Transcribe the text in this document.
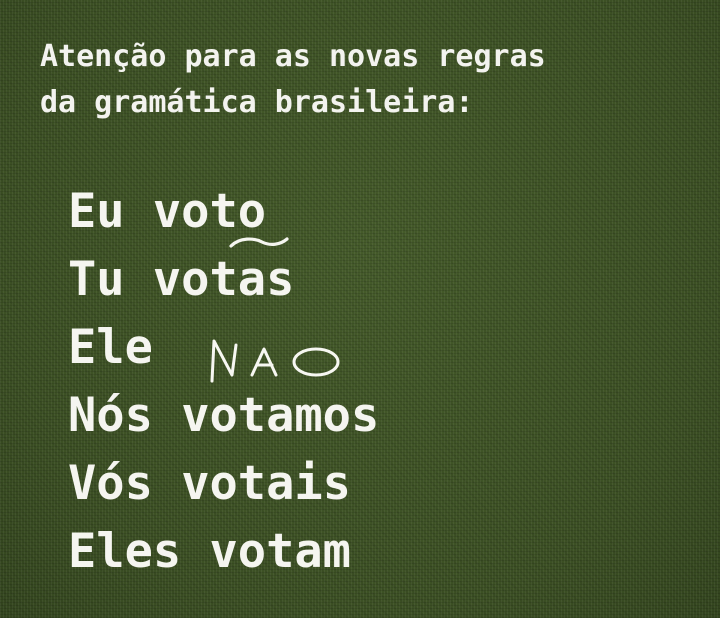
Atenção para as novas regras
da gramática brasileira:
Eu voto
Tu votas
Ele
Nós votamos
Vós votais
Eles votam
